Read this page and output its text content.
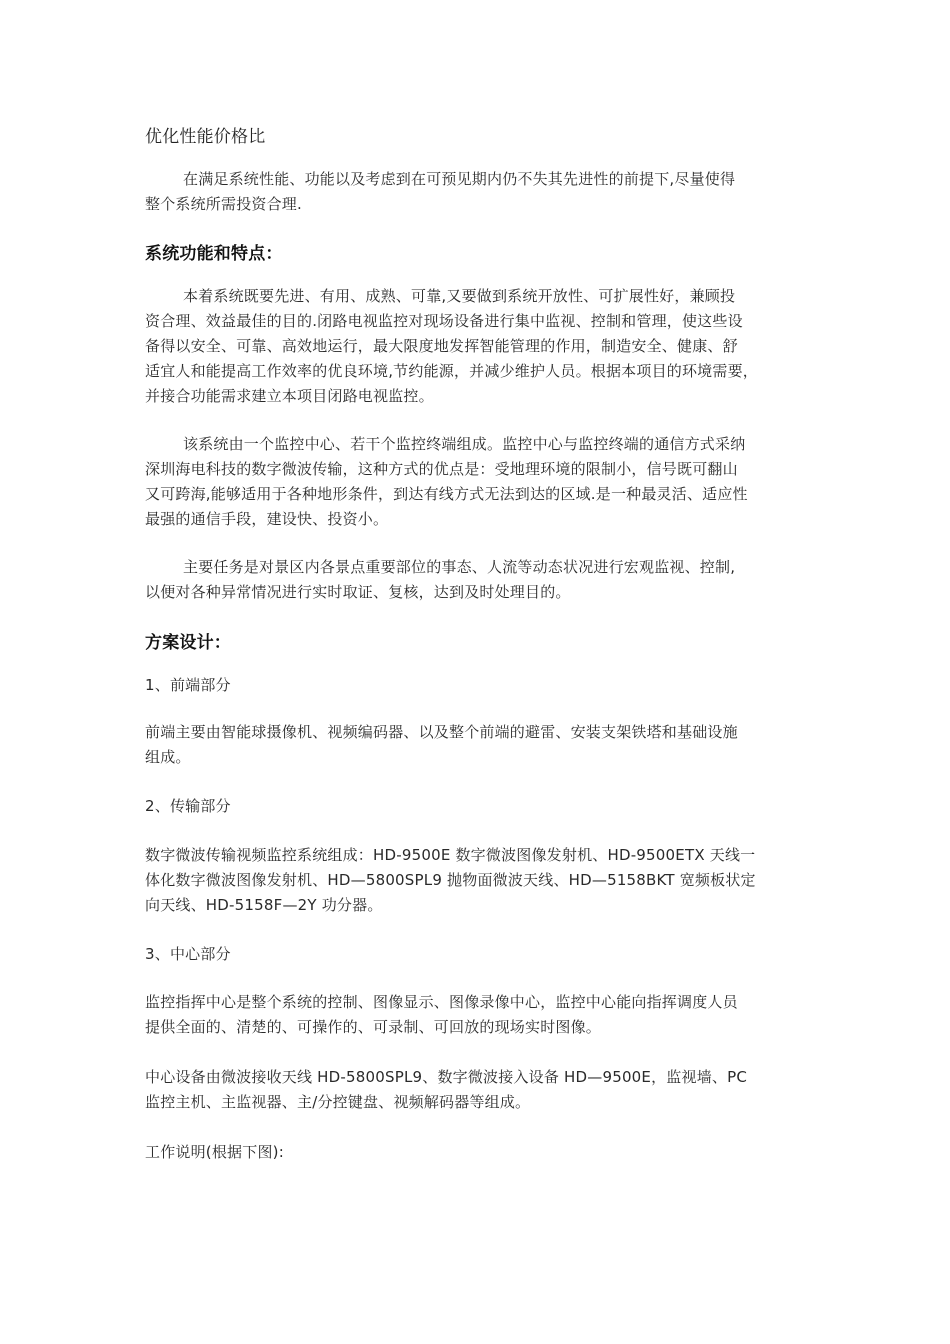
优化性能价格比

在满足系统性能、功能以及考虑到在可预见期内仍不失其先进性的前提下,尽量使得
整个系统所需投资合理.

系统功能和特点：

本着系统既要先进、有用、成熟、可靠,又要做到系统开放性、可扩展性好，兼顾投
资合理、效益最佳的目的.闭路电视监控对现场设备进行集中监视、控制和管理，使这些设
备得以安全、可靠、高效地运行，最大限度地发挥智能管理的作用，制造安全、健康、舒
适宜人和能提高工作效率的优良环境,节约能源，并减少维护人员。根据本项目的环境需要，
并接合功能需求建立本项目闭路电视监控。

该系统由一个监控中心、若干个监控终端组成。监控中心与监控终端的通信方式采纳
深圳海电科技的数字微波传输，这种方式的优点是：受地理环境的限制小，信号既可翻山
又可跨海,能够适用于各种地形条件，到达有线方式无法到达的区域.是一种最灵活、适应性
最强的通信手段，建设快、投资小。

主要任务是对景区内各景点重要部位的事态、人流等动态状况进行宏观监视、控制,
以便对各种异常情况进行实时取证、复核，达到及时处理目的。

方案设计：

1、前端部分

前端主要由智能球摄像机、视频编码器、以及整个前端的避雷、安装支架铁塔和基础设施
组成。

2、传输部分

数字微波传输视频监控系统组成：HD-9500E 数字微波图像发射机、HD-9500ETX 天线一
体化数字微波图像发射机、HD—5800SPL9 抛物面微波天线、HD—5158BKT 宽频板状定
向天线、HD-5158F—2Y 功分器。

3、中心部分

监控指挥中心是整个系统的控制、图像显示、图像录像中心，监控中心能向指挥调度人员
提供全面的、清楚的、可操作的、可录制、可回放的现场实时图像。

中心设备由微波接收天线 HD-5800SPL9、数字微波接入设备 HD—9500E，监视墙、PC
监控主机、主监视器、主/分控键盘、视频解码器等组成。

工作说明(根据下图):
